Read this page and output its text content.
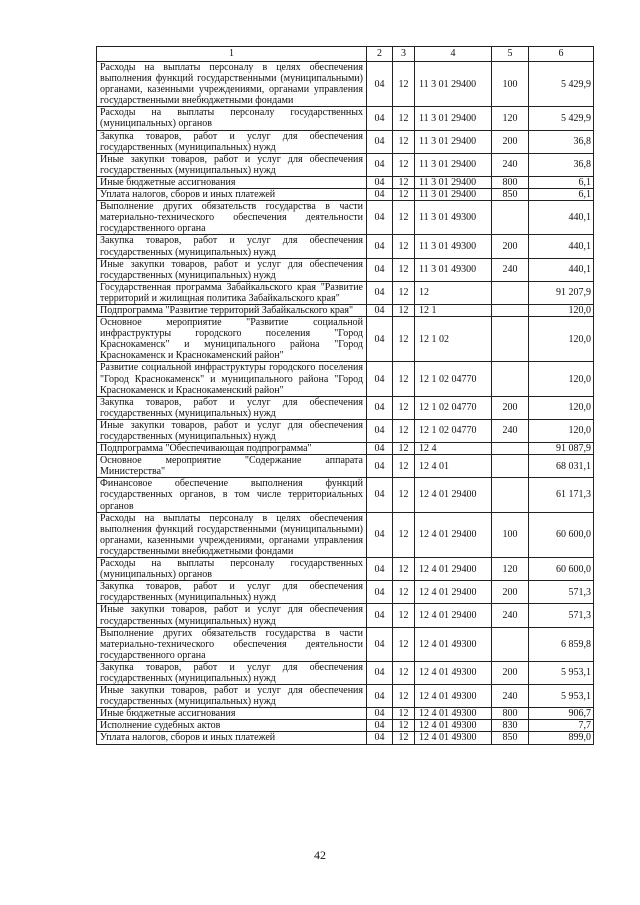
1	2	3	4	5	6
Расходы на выплаты персоналу в целях обеспечения выполнения функций государственными (муниципальными) органами, казенными учреждениями, органами управления государственными внебюджетными фондами	04	12	11 3 01 29400	100	5 429,9
Расходы на выплаты персоналу государственных (муниципальных) органов	04	12	11 3 01 29400	120	5 429,9
Закупка товаров, работ и услуг для обеспечения государственных (муниципальных) нужд	04	12	11 3 01 29400	200	36,8
Иные закупки товаров, работ и услуг для обеспечения государственных (муниципальных) нужд	04	12	11 3 01 29400	240	36,8
Иные бюджетные ассигнования	04	12	11 3 01 29400	800	6,1
Уплата налогов, сборов и иных платежей	04	12	11 3 01 29400	850	6,1
Выполнение других обязательств государства в части материально-технического обеспечения деятельности государственного органа	04	12	11 3 01 49300		440,1
Закупка товаров, работ и услуг для обеспечения государственных (муниципальных) нужд	04	12	11 3 01 49300	200	440,1
Иные закупки товаров, работ и услуг для обеспечения государственных (муниципальных) нужд	04	12	11 3 01 49300	240	440,1
Государственная программа Забайкальского края "Развитие территорий и жилищная политика Забайкальского края"	04	12	12		91 207,9
Подпрограмма "Развитие территорий Забайкальского края"	04	12	12 1		120,0
Основное мероприятие "Развитие социальной инфраструктуры городского поселения "Город Краснокаменск" и муниципального района "Город Краснокаменск и Краснокаменский район"	04	12	12 1 02		120,0
Развитие социальной инфраструктуры городского поселения "Город Краснокаменск" и муниципального района "Город Краснокаменск и Краснокаменский район"	04	12	12 1 02 04770		120,0
Закупка товаров, работ и услуг для обеспечения государственных (муниципальных) нужд	04	12	12 1 02 04770	200	120,0
Иные закупки товаров, работ и услуг для обеспечения государственных (муниципальных) нужд	04	12	12 1 02 04770	240	120,0
Подпрограмма "Обеспечивающая подпрограмма"	04	12	12 4		91 087,9
Основное мероприятие "Содержание аппарата Министерства"	04	12	12 4 01		68 031,1
Финансовое обеспечение выполнения функций государственных органов, в том числе территориальных органов	04	12	12 4 01 29400		61 171,3
Расходы на выплаты персоналу в целях обеспечения выполнения функций государственными (муниципальными) органами, казенными учреждениями, органами управления государственными внебюджетными фондами	04	12	12 4 01 29400	100	60 600,0
Расходы на выплаты персоналу государственных (муниципальных) органов	04	12	12 4 01 29400	120	60 600,0
Закупка товаров, работ и услуг для обеспечения государственных (муниципальных) нужд	04	12	12 4 01 29400	200	571,3
Иные закупки товаров, работ и услуг для обеспечения государственных (муниципальных) нужд	04	12	12 4 01 29400	240	571,3
Выполнение других обязательств государства в части материально-технического обеспечения деятельности государственного органа	04	12	12 4 01 49300		6 859,8
Закупка товаров, работ и услуг для обеспечения государственных (муниципальных) нужд	04	12	12 4 01 49300	200	5 953,1
Иные закупки товаров, работ и услуг для обеспечения государственных (муниципальных) нужд	04	12	12 4 01 49300	240	5 953,1
Иные бюджетные ассигнования	04	12	12 4 01 49300	800	906,7
Исполнение судебных актов	04	12	12 4 01 49300	830	7,7
Уплата налогов, сборов и иных платежей	04	12	12 4 01 49300	850	899,0
42
